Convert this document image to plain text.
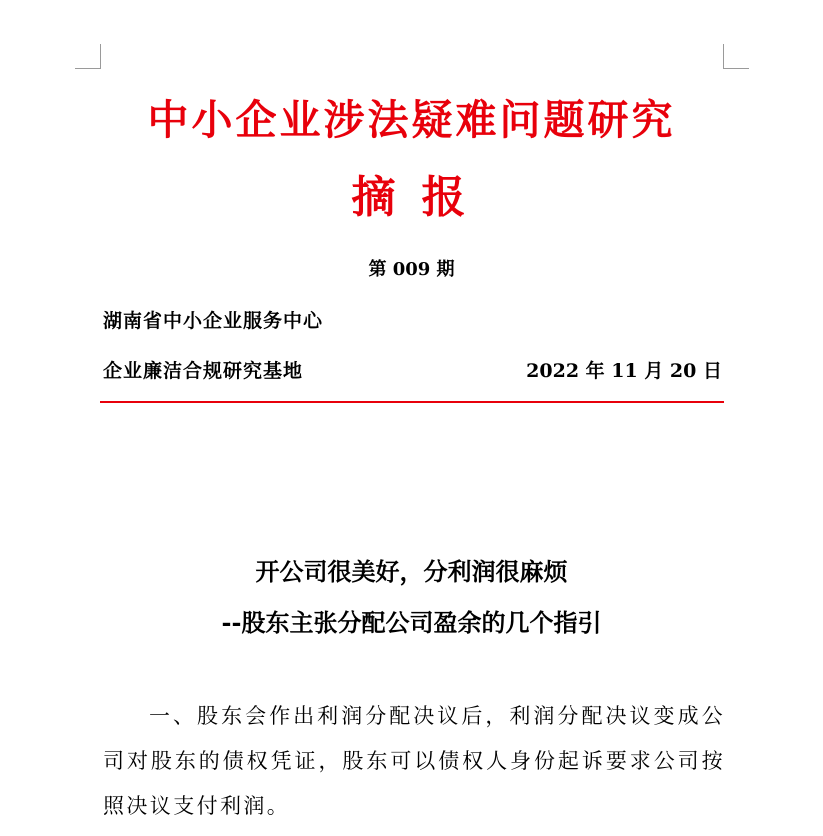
中小企业涉法疑难问题研究
摘报
第 009 期
湖南省中小企业服务中心
企业廉洁合规研究基地	2022 年 11 月 20 日
开公司很美好，分利润很麻烦
--股东主张分配公司盈余的几个指引

一、股东会作出利润分配决议后，利润分配决议变成公司对股东的债权凭证，股东可以债权人身份起诉要求公司按照决议支付利润。
